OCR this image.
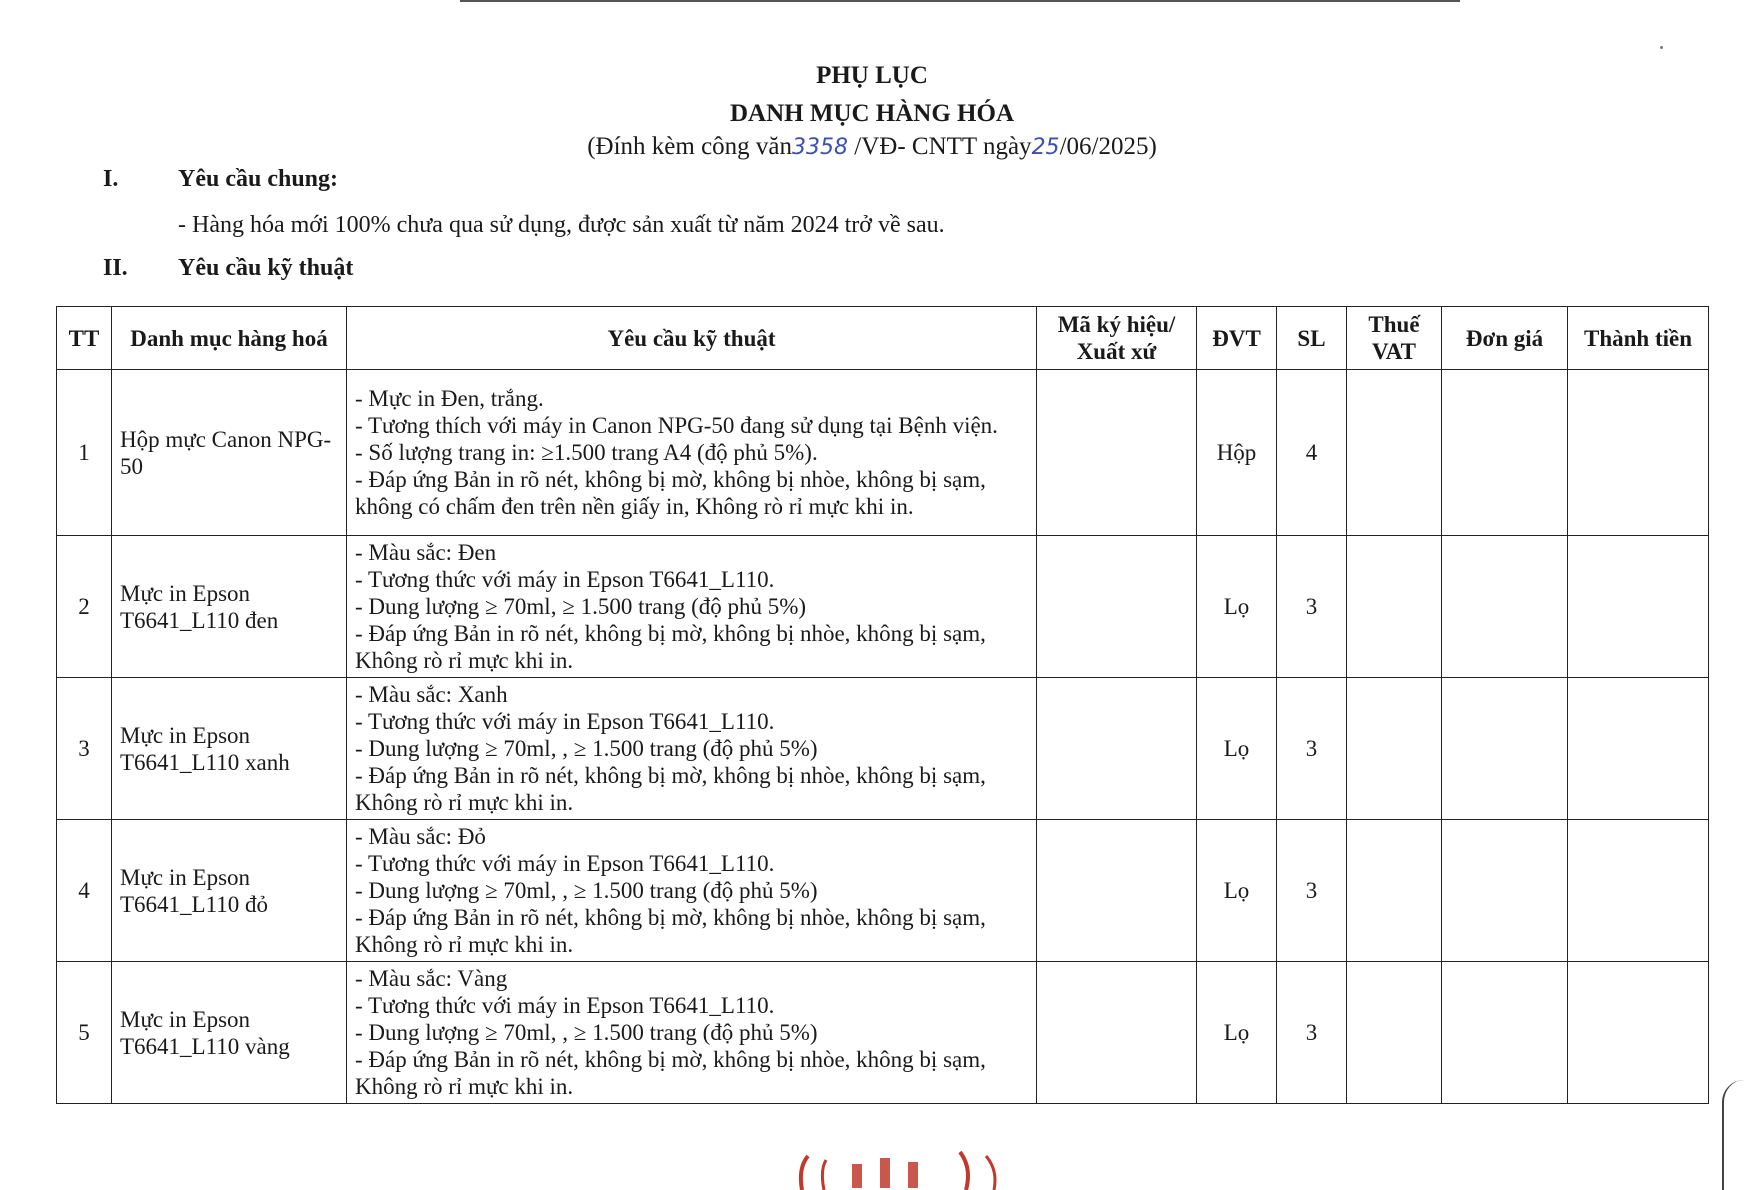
PHỤ LỤC
DANH MỤC HÀNG HÓA
(Đính kèm công văn3358 /VĐ- CNTT ngày25/06/2025)
I. Yêu cầu chung:
- Hàng hóa mới 100% chưa qua sử dụng, được sản xuất từ năm 2024 trở về sau.
II. Yêu cầu kỹ thuật
TT	Danh mục hàng hoá	Yêu cầu kỹ thuật	Mã ký hiệu/ Xuất xứ	ĐVT	SL	Thuế VAT	Đơn giá	Thành tiền
1	Hộp mực Canon NPG-50	- Mực in Đen, trắng.
- Tương thích với máy in Canon NPG-50 đang sử dụng tại Bệnh viện.
- Số lượng trang in: ≥1.500 trang A4 (độ phủ 5%).
- Đáp ứng Bản in rõ nét, không bị mờ, không bị nhòe, không bị sạm, không có chấm đen trên nền giấy in, Không rò rỉ mực khi in.		Hộp	4			
2	Mực in Epson T6641_L110 đen	- Màu sắc: Đen
- Tương thức với máy in Epson T6641_L110.
- Dung lượng ≥ 70ml, ≥ 1.500 trang (độ phủ 5%)
- Đáp ứng Bản in rõ nét, không bị mờ, không bị nhòe, không bị sạm, Không rò rỉ mực khi in.		Lọ	3			
3	Mực in Epson T6641_L110 xanh	- Màu sắc: Xanh
- Tương thức với máy in Epson T6641_L110.
- Dung lượng ≥ 70ml, , ≥ 1.500 trang (độ phủ 5%)
- Đáp ứng Bản in rõ nét, không bị mờ, không bị nhòe, không bị sạm, Không rò rỉ mực khi in.		Lọ	3			
4	Mực in Epson T6641_L110 đỏ	- Màu sắc: Đỏ
- Tương thức với máy in Epson T6641_L110.
- Dung lượng ≥ 70ml, , ≥ 1.500 trang (độ phủ 5%)
- Đáp ứng Bản in rõ nét, không bị mờ, không bị nhòe, không bị sạm, Không rò rỉ mực khi in.		Lọ	3			
5	Mực in Epson T6641_L110 vàng	- Màu sắc: Vàng
- Tương thức với máy in Epson T6641_L110.
- Dung lượng ≥ 70ml, , ≥ 1.500 trang (độ phủ 5%)
- Đáp ứng Bản in rõ nét, không bị mờ, không bị nhòe, không bị sạm, Không rò rỉ mực khi in.		Lọ	3			
